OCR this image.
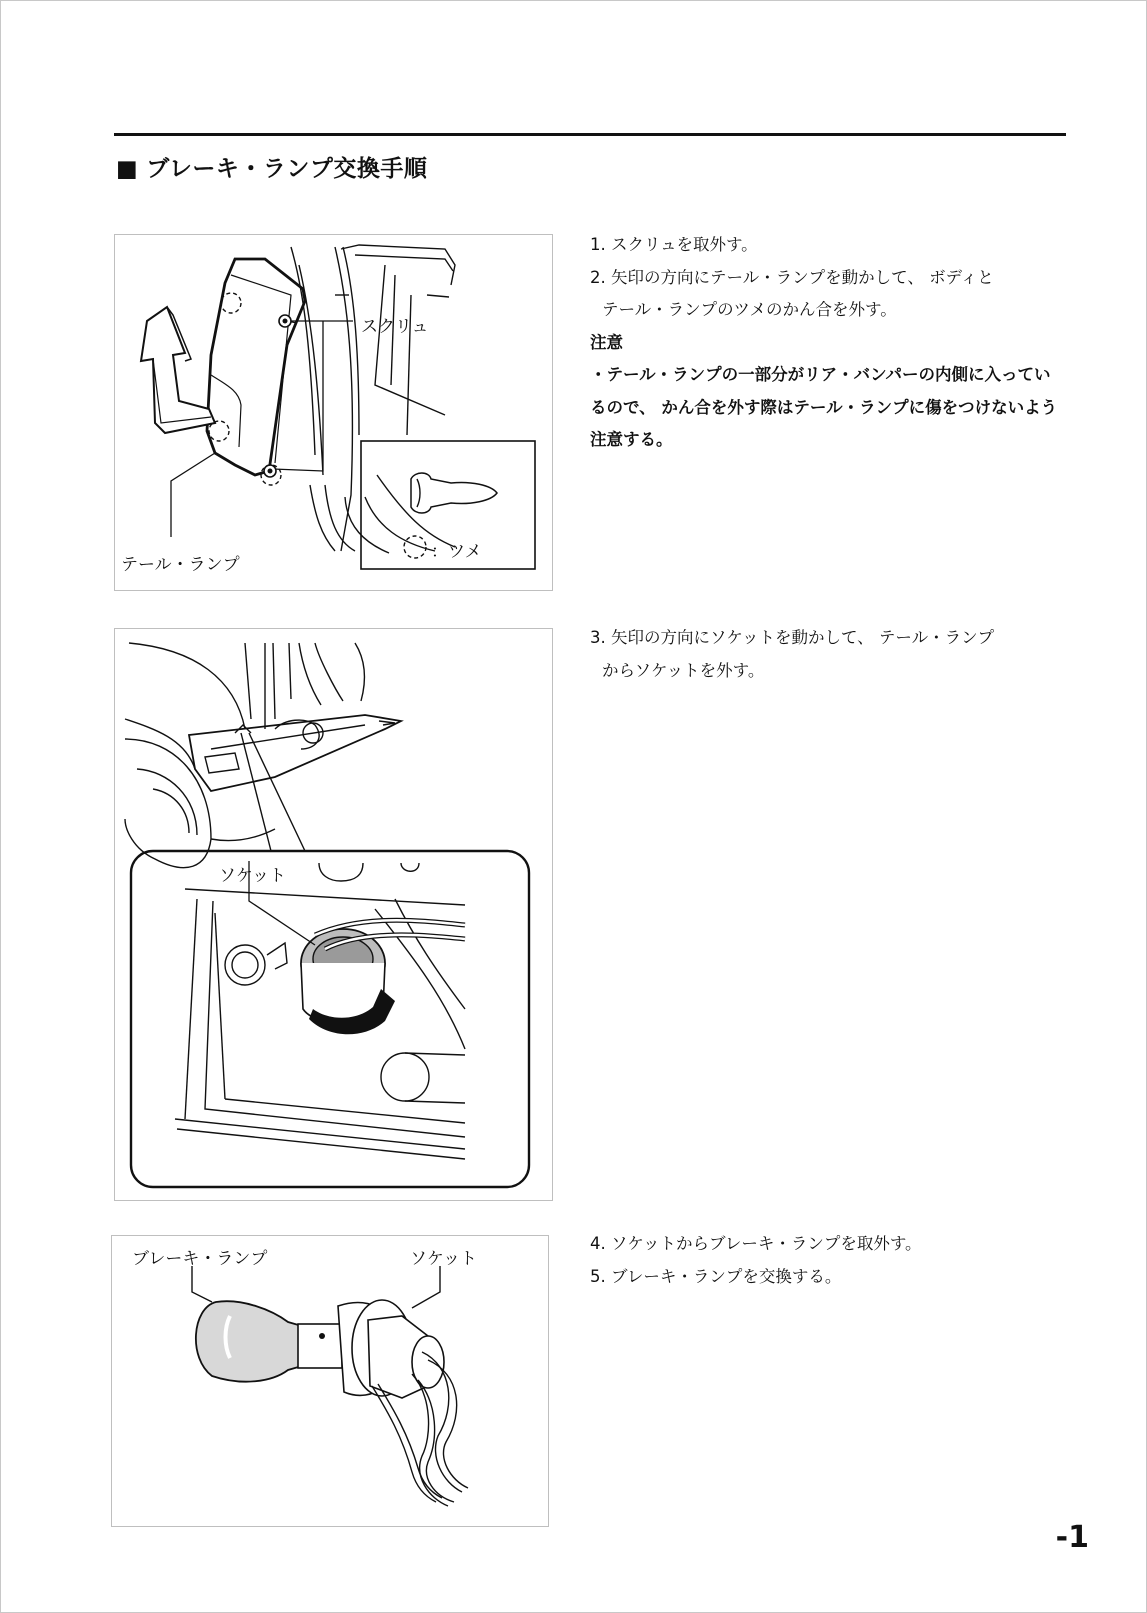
■ ブレーキ・ランプ交換手順
スクリュ
テール・ランプ
：ツメ
1. スクリュを取外す。
2. 矢印の方向にテール・ランプを動かして、 ボディと
テール・ランプのツメのかん合を外す。
注意
・テール・ランプの一部分がリア・バンパーの内側に入ってい
るので、 かん合を外す際はテール・ランプに傷をつけないよう
注意する。
ソケット
3. 矢印の方向にソケットを動かして、 テール・ランプ
からソケットを外す。
ブレーキ・ランプ	ソケット
4. ソケットからブレーキ・ランプを取外す。
5. ブレーキ・ランプを交換する。
-1
